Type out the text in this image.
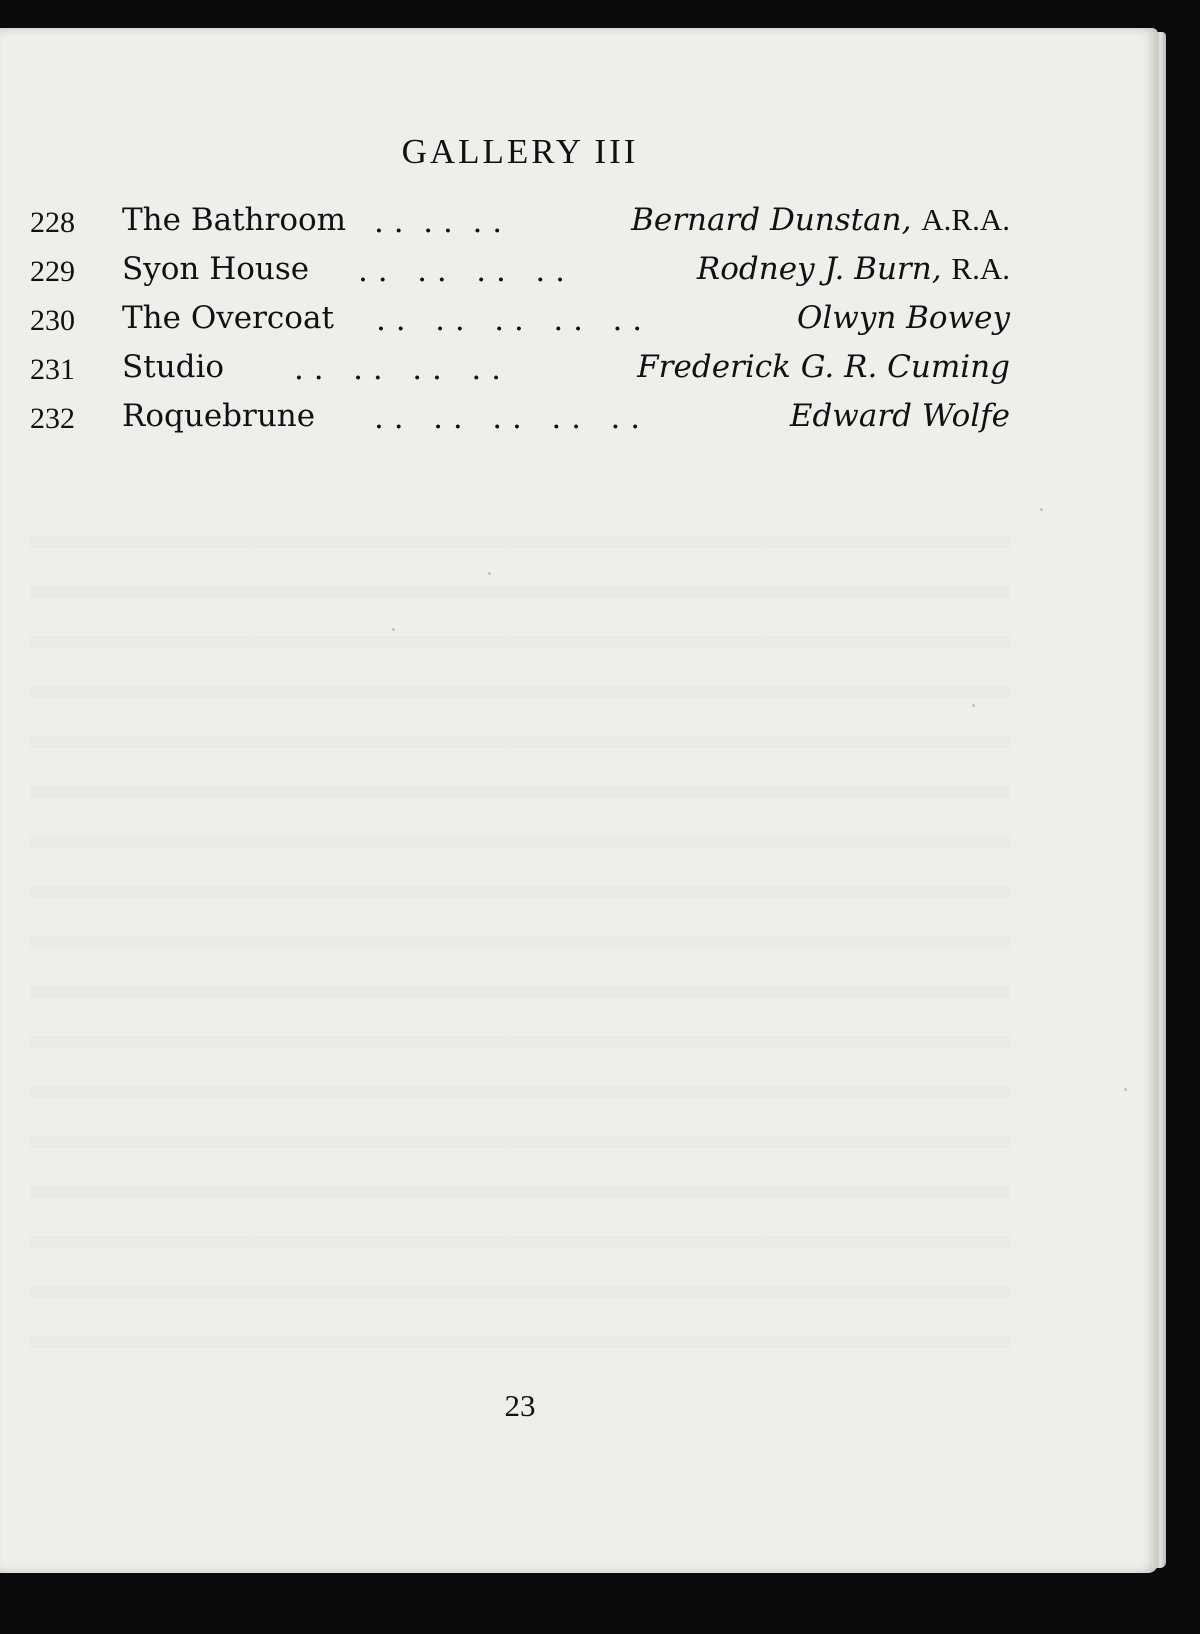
GALLERY III
228 The Bathroom . .  . .  . .	Bernard Dunstan, A.R.A.
229 Syon House . .   . .   . .   . .	Rodney J. Burn, R.A.
230 The Overcoat . .   . .   . .   . .   . .	Olwyn Bowey
231 Studio . .   . .   . .   . .	Frederick G. R. Cuming
232 Roquebrune . .   . .   . .   . .   . .	Edward Wolfe
23
